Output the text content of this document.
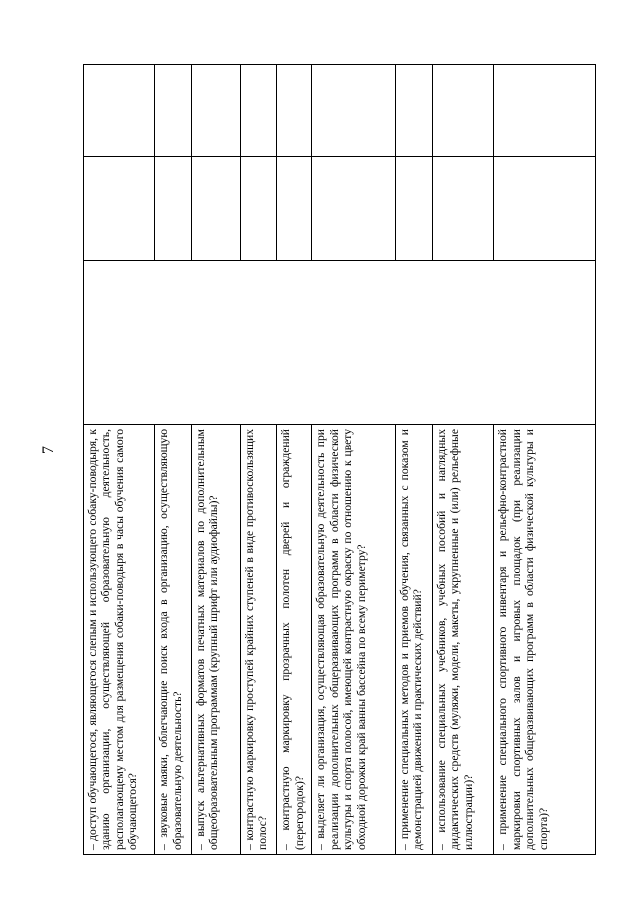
7	– доступ обучающегося, являющегося слепым и использующего собаку-поводыря, к зданию организации, осуществляющей образовательную деятельность, располагающему местом для размещения собаки-поводыря в часы обучения самого обучающегося?			
– звуковые маяки, облегчающие поиск входа в организацию, осуществляющую образовательную деятельность?			
– выпуск альтернативных форматов печатных материалов по дополнительным общеобразовательным программам (крупный шрифт или аудиофайлы)?			
– контрастную маркировку проступей крайних ступеней в виде противоскользящих полос?			
– контрастную маркировку прозрачных полотен дверей и ограждений (перегородок)?			
– выделяет ли организация, осуществляющая образовательную деятельность при реализации дополнительных общеразвивающих программ в области физической культуры и спорта полосой, имеющей контрастную окраску по отношению к цвету обходной дорожки край ванны бассейна по всему периметру?			
– применение специальных методов и приемов обучения, связанных с показом и демонстрацией движений и практических действий?			
– использование специальных учебников, учебных пособий и наглядных дидактических средств (муляжи, модели, макеты, укрупненные и (или) рельефные иллюстрации)?			
– применение специального спортивного инвентаря и рельефно-контрастной маркировки спортивных залов и игровых площадок (при реализации дополнительных общеразвивающих программ в области физической культуры и спорта)?			
